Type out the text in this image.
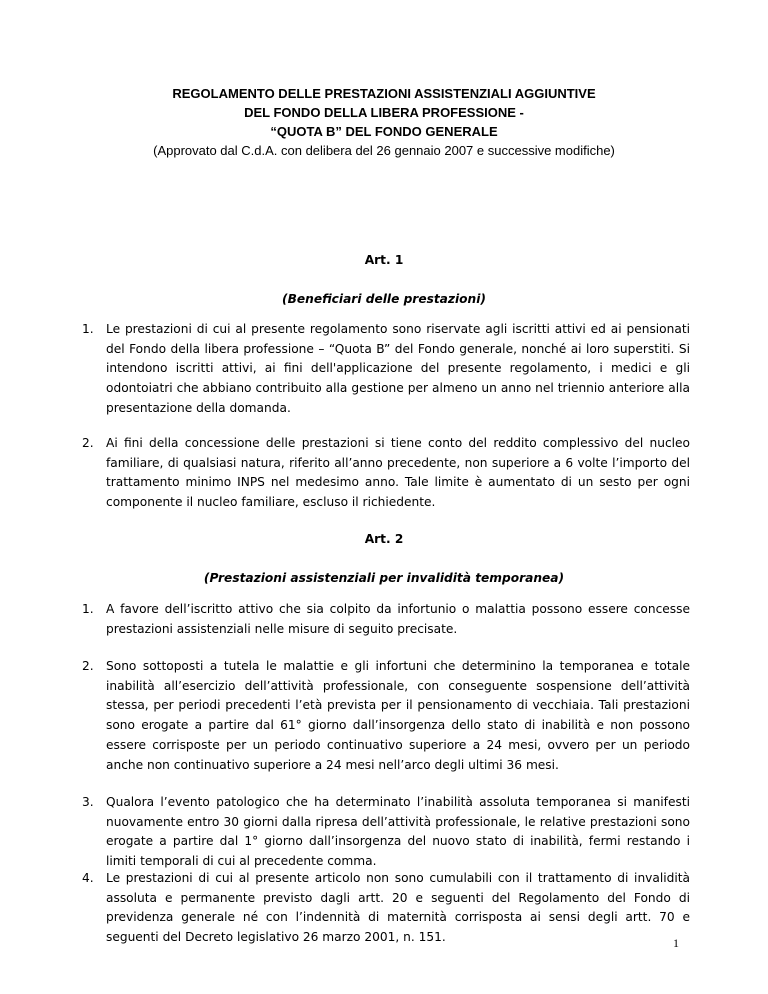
REGOLAMENTO DELLE PRESTAZIONI ASSISTENZIALI AGGIUNTIVE
DEL FONDO DELLA LIBERA PROFESSIONE -
“QUOTA B” DEL FONDO GENERALE
(Approvato dal C.d.A. con delibera del 26 gennaio 2007 e successive modifiche)
Art. 1
(Beneficiari delle prestazioni)
1. Le prestazioni di cui al presente regolamento sono riservate agli iscritti attivi ed ai pensionati del Fondo della libera professione – “Quota B” del Fondo generale, nonché ai loro superstiti. Si intendono iscritti attivi, ai fini dell'applicazione del presente regolamento, i medici e gli odontoiatri che abbiano contribuito alla gestione per almeno un anno nel triennio anteriore alla presentazione della domanda.
2. Ai fini della concessione delle prestazioni si tiene conto del reddito complessivo del nucleo familiare, di qualsiasi natura, riferito all’anno precedente, non superiore a 6 volte l’importo del trattamento minimo INPS nel medesimo anno. Tale limite è aumentato di un sesto per ogni componente il nucleo familiare, escluso il richiedente.
Art. 2
(Prestazioni assistenziali per invalidità temporanea)
1. A favore dell’iscritto attivo che sia colpito da infortunio o malattia possono essere concesse prestazioni assistenziali nelle misure di seguito precisate.
2. Sono sottoposti a tutela le malattie e gli infortuni che determinino la temporanea e totale inabilità all’esercizio dell’attività professionale, con conseguente sospensione dell’attività stessa, per periodi precedenti l’età prevista per il pensionamento di vecchiaia. Tali prestazioni sono erogate a partire dal 61° giorno dall’insorgenza dello stato di inabilità e non possono essere corrisposte per un periodo continuativo superiore a 24 mesi, ovvero per un periodo anche non continuativo superiore a 24 mesi nell’arco degli ultimi 36 mesi.
3. Qualora l’evento patologico che ha determinato l’inabilità assoluta temporanea si manifesti nuovamente entro 30 giorni dalla ripresa dell’attività professionale, le relative prestazioni sono erogate a partire dal 1° giorno dall’insorgenza del nuovo stato di inabilità, fermi restando i limiti temporali di cui al precedente comma.
4. Le prestazioni di cui al presente articolo non sono cumulabili con il trattamento di invalidità assoluta e permanente previsto dagli artt. 20 e seguenti del Regolamento del Fondo di previdenza generale né con l’indennità di maternità corrisposta ai sensi degli artt. 70 e seguenti del Decreto legislativo 26 marzo 2001, n. 151.	1
